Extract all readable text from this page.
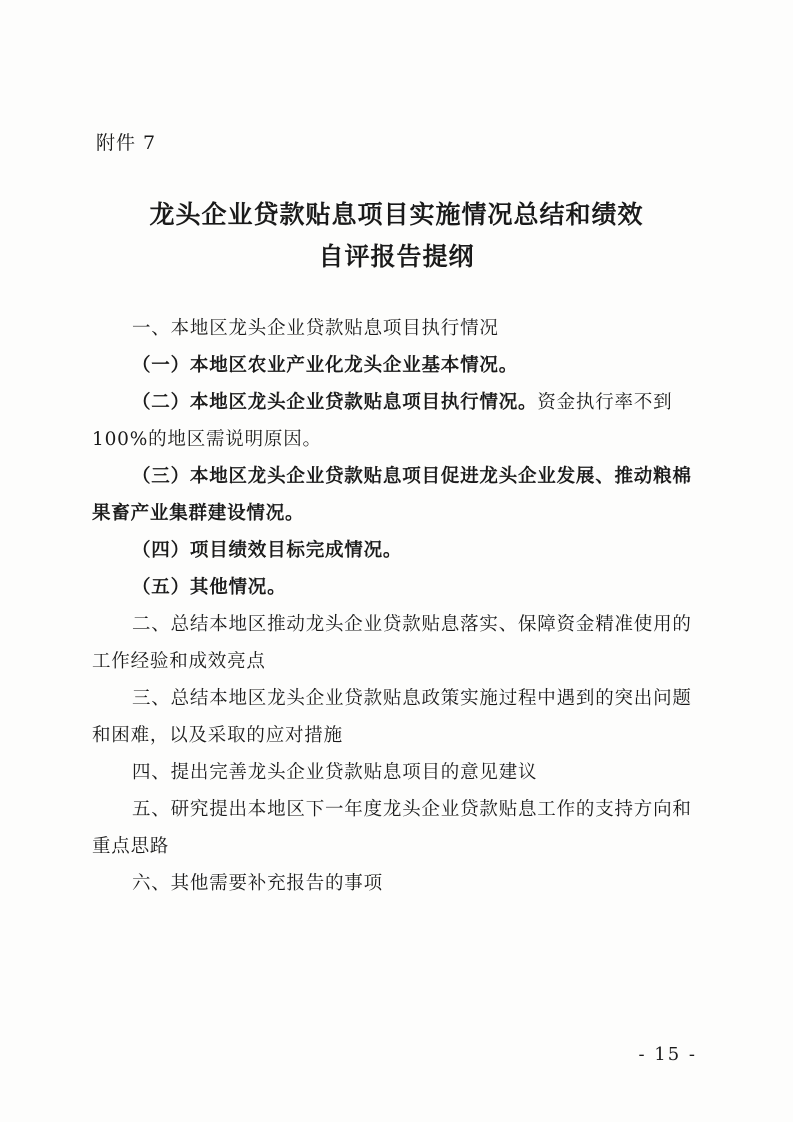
附件 7
龙头企业贷款贴息项目实施情况总结和绩效
自评报告提纲

一、本地区龙头企业贷款贴息项目执行情况

（一）本地区农业产业化龙头企业基本情况。

（二）本地区龙头企业贷款贴息项目执行情况。资金执行率不到 100%的地区需说明原因。

（三）本地区龙头企业贷款贴息项目促进龙头企业发展、推动粮棉果畜产业集群建设情况。

（四）项目绩效目标完成情况。

（五）其他情况。

二、总结本地区推动龙头企业贷款贴息落实、保障资金精准使用的工作经验和成效亮点

三、总结本地区龙头企业贷款贴息政策实施过程中遇到的突出问题和困难，以及采取的应对措施

四、提出完善龙头企业贷款贴息项目的意见建议

五、研究提出本地区下一年度龙头企业贷款贴息工作的支持方向和重点思路

六、其他需要补充报告的事项

- 15 -
